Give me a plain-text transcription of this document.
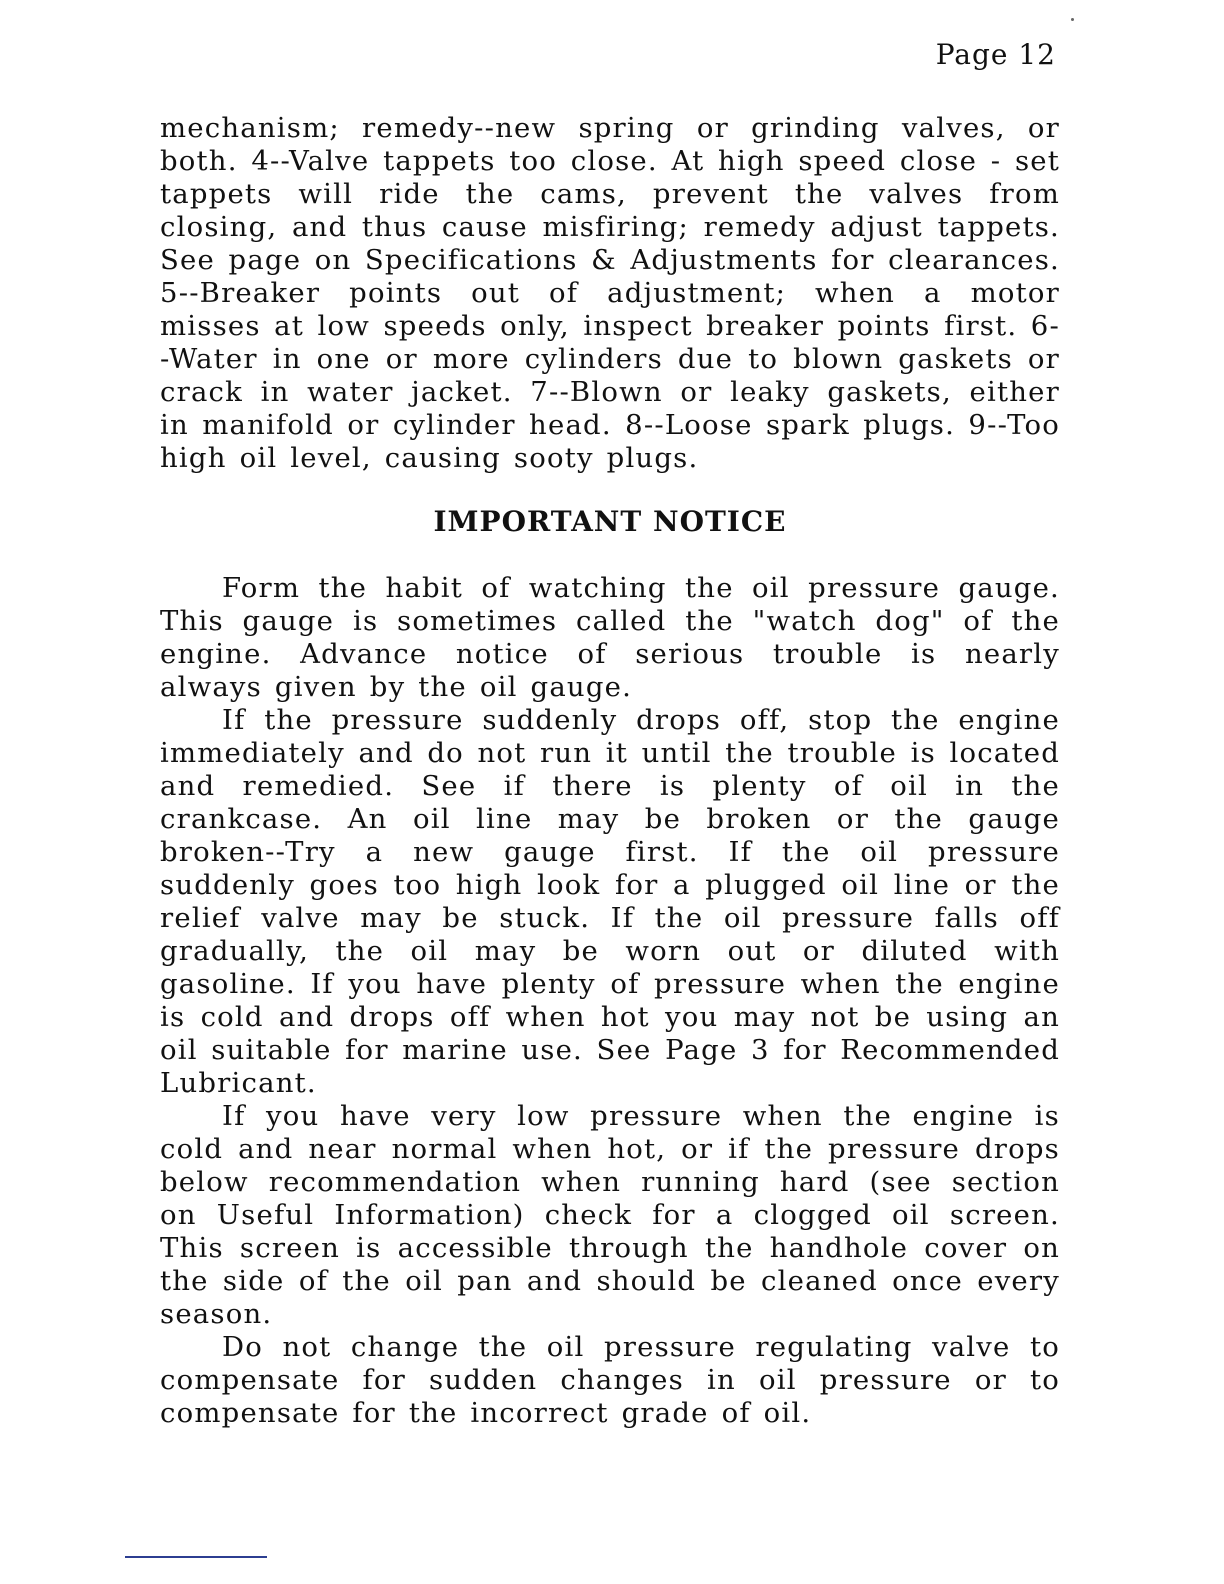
Page 12

mechanism; remedy--new spring or grinding valves, or both. 4--Valve tappets too close. At high speed close - set tappets will ride the cams, prevent the valves from closing, and thus cause misfiring; remedy adjust tappets. See page on Specifications & Adjustments for clearances. 5--Breaker points out of adjustment; when a motor misses at low speeds only, inspect breaker points first. 6--Water in one or more cylinders due to blown gaskets or crack in water jacket. 7--Blown or leaky gaskets, either in manifold or cylinder head. 8--Loose spark plugs. 9--Too high oil level, causing sooty plugs.

IMPORTANT NOTICE

Form the habit of watching the oil pressure gauge. This gauge is sometimes called the "watch dog" of the engine. Advance notice of serious trouble is nearly always given by the oil gauge.

If the pressure suddenly drops off, stop the engine immediately and do not run it until the trouble is located and remedied. See if there is plenty of oil in the crankcase. An oil line may be broken or the gauge broken--Try a new gauge first. If the oil pressure suddenly goes too high look for a plugged oil line or the relief valve may be stuck. If the oil pressure falls off gradually, the oil may be worn out or diluted with gasoline. If you have plenty of pressure when the engine is cold and drops off when hot you may not be using an oil suitable for marine use. See Page 3 for Recommended Lubricant.

If you have very low pressure when the engine is cold and near normal when hot, or if the pressure drops below recommendation when running hard (see section on Useful Information) check for a clogged oil screen. This screen is accessible through the handhole cover on the side of the oil pan and should be cleaned once every season.

Do not change the oil pressure regulating valve to compensate for sudden changes in oil pressure or to compensate for the incorrect grade of oil.
